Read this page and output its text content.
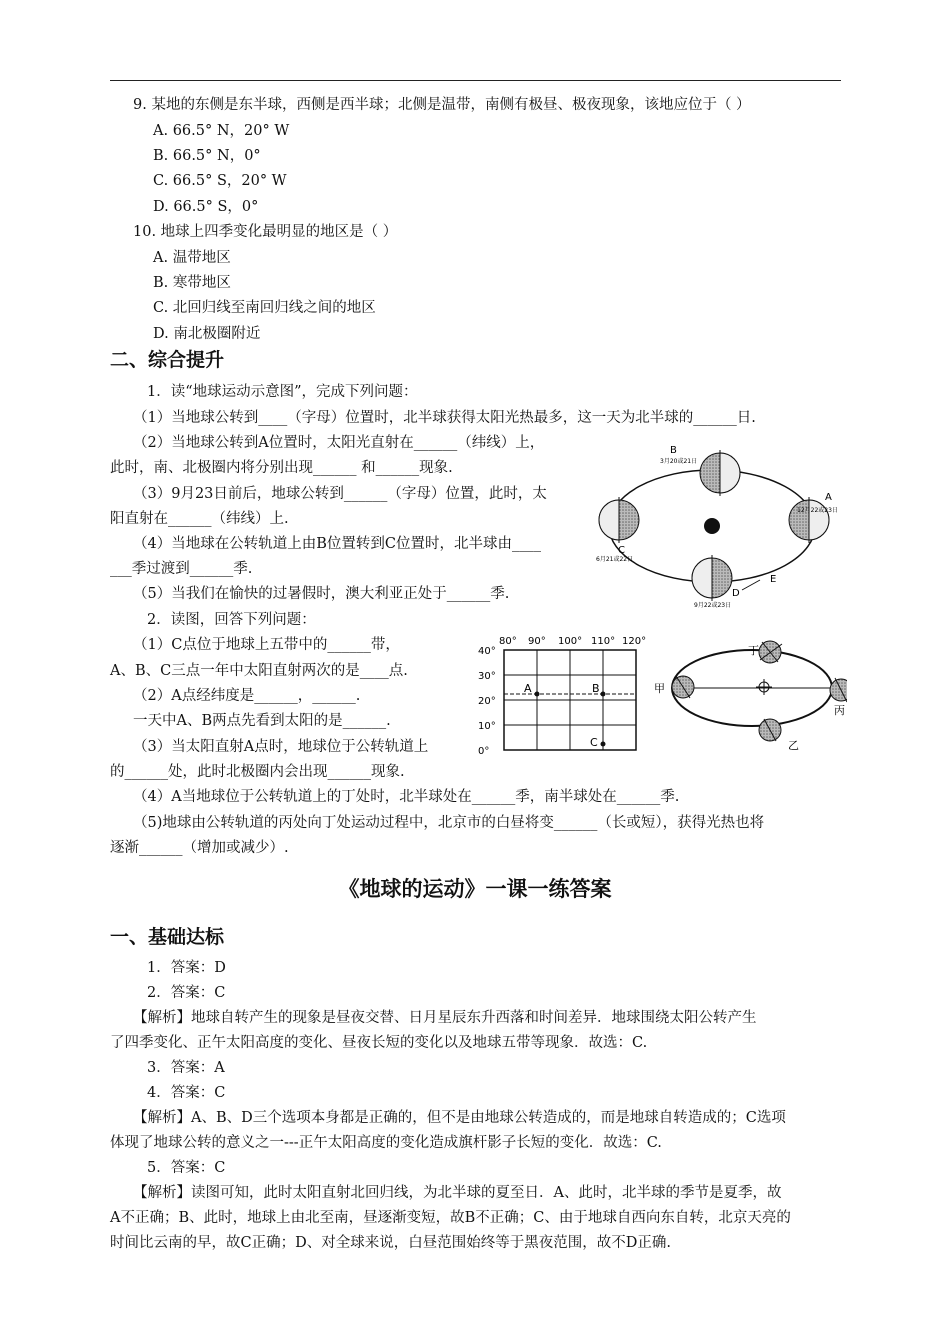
9. 某地的东侧是东半球，西侧是西半球；北侧是温带，南侧有极昼、极夜现象，该地应位于（ ）
A. 66.5° N，20° W
B. 66.5° N，0°
C. 66.5° S，20° W
D. 66.5° S，0°
10. 地球上四季变化最明显的地区是（ ）
A. 温带地区
B. 寒带地区
C. 北回归线至南回归线之间的地区
D. 南北极圈附近
二、综合提升
1．读“地球运动示意图”，完成下列问题：
（1）当地球公转到____（字母）位置时，北半球获得太阳光热最多，这一天为北半球的______日.
（2）当地球公转到A位置时，太阳光直射在______（纬线）上，
此时，南、北极圈内将分别出现______ 和______现象.
（3）9月23日前后，地球公转到______（字母）位置，此时，太
阳直射在______（纬线）上.
（4）当地球在公转轨道上由B位置转到C位置时，北半球由____
___季过渡到______季.
（5）当我们在愉快的过暑假时，澳大利亚正处于______季.
2．读图，回答下列问题：
（1）C点位于地球上五带中的______带，
A、B、C三点一年中太阳直射两次的是____点.
（2）A点经纬度是______，______.
一天中A、B两点先看到太阳的是______.
（3）当太阳直射A点时，地球位于公转轨道上
的______处，此时北极圈内会出现______现象.
（4）A当地球位于公转轨道上的丁处时，北半球处在______季，南半球处在______季.
（5)地球由公转轨道的丙处向丁处运动过程中，北京市的白昼将变______（长或短），获得光热也将
逐渐______（增加或减少）.
《地球的运动》一课一练答案
一、基础达标
1．答案：D
2．答案：C
【解析】地球自转产生的现象是昼夜交替、日月星辰东升西落和时间差异．地球围绕太阳公转产生
了四季变化、正午太阳高度的变化、昼夜长短的变化以及地球五带等现象．故选：C.
3．答案：A
4．答案：C
【解析】A、B、D三个选项本身都是正确的，但不是由地球公转造成的，而是地球自转造成的；C选项
体现了地球公转的意义之一---正午太阳高度的变化造成旗杆影子长短的变化．故选：C.
5．答案：C
【解析】读图可知，此时太阳直射北回归线，为北半球的夏至日．A、此时，北半球的季节是夏季，故
A不正确；B、此时，地球上由北至南，昼逐渐变短，故B不正确；C、由于地球自西向东自转，北京天亮的
时间比云南的早，故C正确；D、对全球来说，白昼范围始终等于黑夜范围，故不D正确.
B
A
C
D
E
3月20或21日
12月22或23日
6月21或22日
9月22或23日
80° 90° 100° 110° 120°
40°
30°
20°
10°
0°
A	B
C
丁
甲
丙
乙
